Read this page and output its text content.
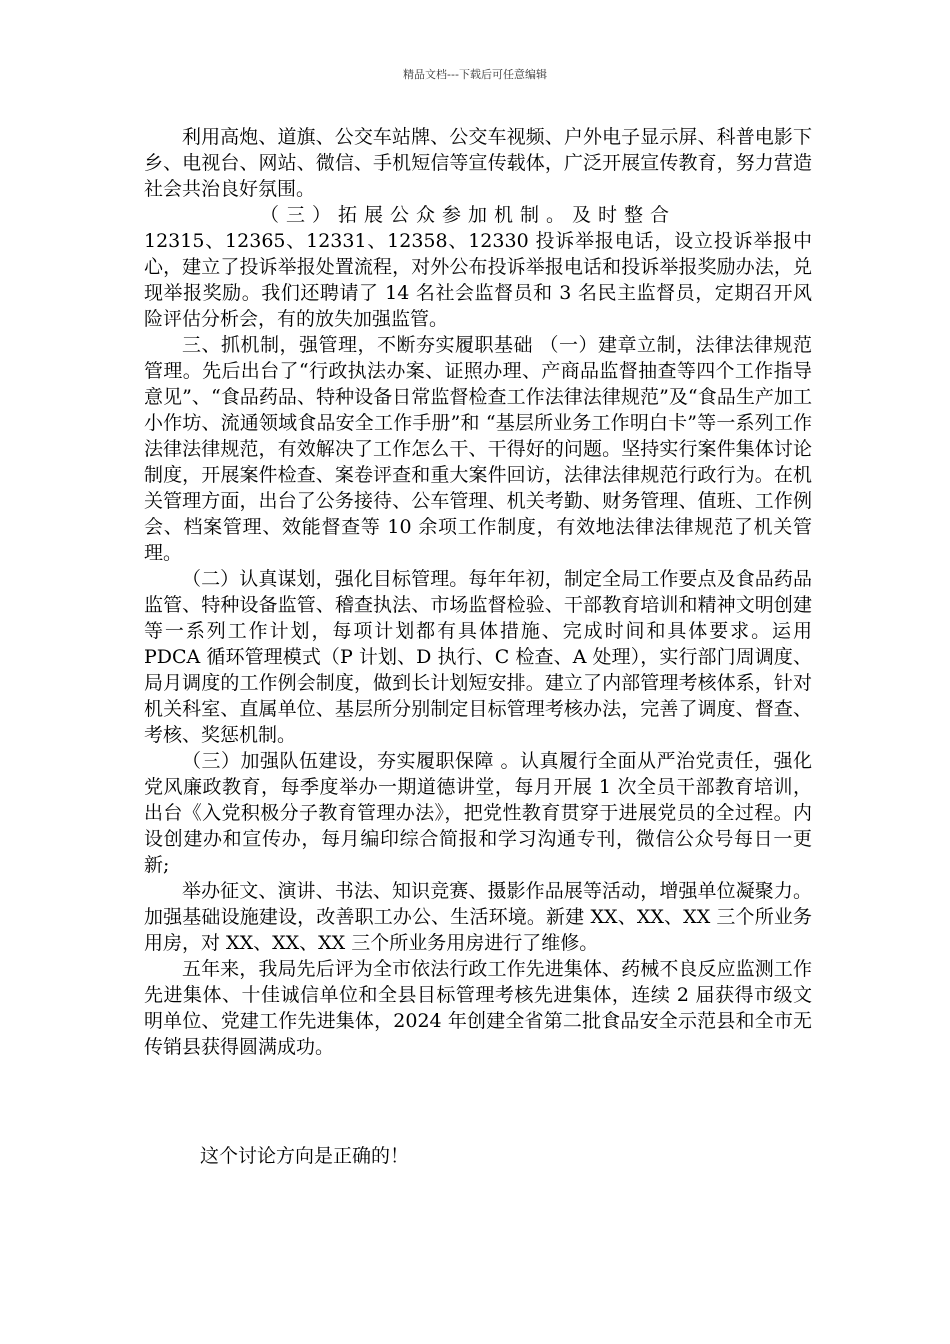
精品文档---下载后可任意编辑

利用高炮、道旗、公交车站牌、公交车视频、户外电子显示屏、科普电影下乡、电视台、网站、微信、手机短信等宣传载体，广泛开展宣传教育，努力营造社会共治良好氛围。

（三）拓展公众参加机制。及时整合

12315、12365、12331、12358、12330 投诉举报电话，设立投诉举报中心，建立了投诉举报处置流程，对外公布投诉举报电话和投诉举报奖励办法，兑现举报奖励。我们还聘请了 14 名社会监督员和 3 名民主监督员，定期召开风险评估分析会，有的放失加强监管。

三、抓机制，强管理，不断夯实履职基础 （一）建章立制，法律法律规范管理。先后出台了“行政执法办案、证照办理、产商品监督抽查等四个工作指导意见”、“食品药品、特种设备日常监督检查工作法律法律规范”及“食品生产加工小作坊、流通领域食品安全工作手册”和 “基层所业务工作明白卡”等一系列工作法律法律规范，有效解决了工作怎么干、干得好的问题。坚持实行案件集体讨论制度，开展案件检查、案卷评查和重大案件回访，法律法律规范行政行为。在机关管理方面，出台了公务接待、公车管理、机关考勤、财务管理、值班、工作例会、档案管理、效能督查等 10 余项工作制度，有效地法律法律规范了机关管理。

（二）认真谋划，强化目标管理。每年年初，制定全局工作要点及食品药品监管、特种设备监管、稽查执法、市场监督检验、干部教育培训和精神文明创建等一系列工作计划，每项计划都有具体措施、完成时间和具体要求。运用 PDCA 循环管理模式（P 计划、D 执行、C 检查、A 处理），实行部门周调度、局月调度的工作例会制度，做到长计划短安排。建立了内部管理考核体系，针对机关科室、直属单位、基层所分别制定目标管理考核办法，完善了调度、督查、考核、奖惩机制。

（三）加强队伍建设，夯实履职保障 。认真履行全面从严治党责任，强化党风廉政教育，每季度举办一期道德讲堂，每月开展 1 次全员干部教育培训，出台《入党积极分子教育管理办法》，把党性教育贯穿于进展党员的全过程。内设创建办和宣传办，每月编印综合简报和学习沟通专刊，微信公众号每日一更新;

举办征文、演讲、书法、知识竞赛、摄影作品展等活动，增强单位凝聚力。加强基础设施建设，改善职工办公、生活环境。新建 XX、XX、XX 三个所业务用房，对 XX、XX、XX 三个所业务用房进行了维修。

五年来，我局先后评为全市依法行政工作先进集体、药械不良反应监测工作先进集体、十佳诚信单位和全县目标管理考核先进集体，连续 2 届获得市级文明单位、党建工作先进集体，2024 年创建全省第二批食品安全示范县和全市无传销县获得圆满成功。

这个讨论方向是正确的！
